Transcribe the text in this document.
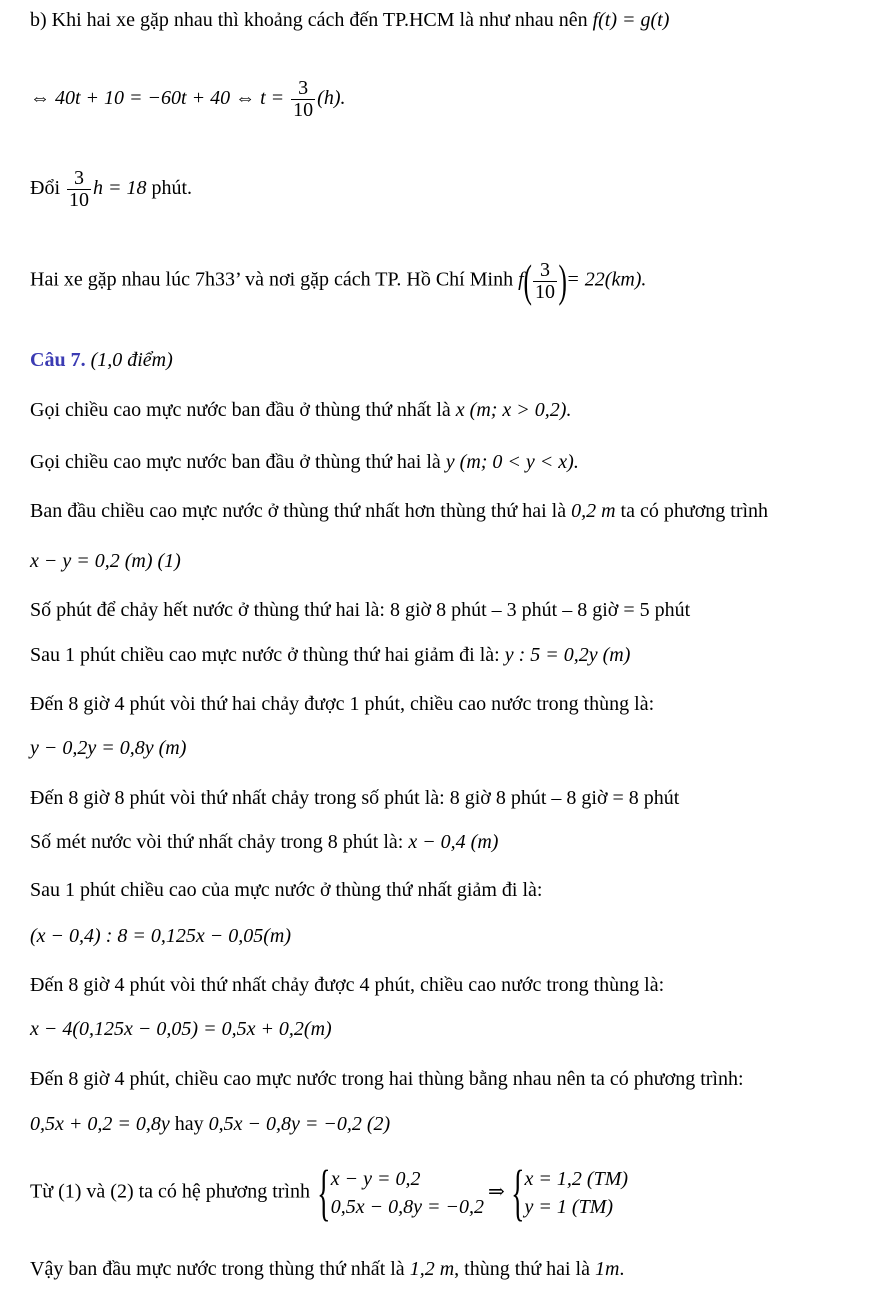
b) Khi hai xe gặp nhau thì khoảng cách đến TP.HCM là như nhau nên f(t) = g(t)
⇔ 40t + 10 = −60t + 40 ⇔ $t = \frac{3}{10} (h)$.
Đổi $\frac{3}{10}$ h = 18 phút.
Hai xe gặp nhau lúc 7h33’ và nơi gặp cách TP. Hồ Chí Minh $f( \frac{3}{10}$ )= 22(km).
Câu 7. (1,0 điểm)
Gọi chiều cao mực nước ban đầu ở thùng thứ nhất là x (m; x > 0,2).
Gọi chiều cao mực nước ban đầu ở thùng thứ hai là y (m; 0 < y < x).
Ban đầu chiều cao mực nước ở thùng thứ nhất hơn thùng thứ hai là 0,2 m ta có phương trình
x − y = 0,2 (m) (1)
Số phút để chảy hết nước ở thùng thứ hai là: 8 giờ 8 phút – 3 phút – 8 giờ = 5 phút
Sau 1 phút chiều cao mực nước ở thùng thứ hai giảm đi là: y : 5 = 0,2y (m)
Đến 8 giờ 4 phút vòi thứ hai chảy được 1 phút, chiều cao nước trong thùng là:
y − 0,2y = 0,8y (m)
Đến 8 giờ 8 phút vòi thứ nhất chảy trong số phút là: 8 giờ 8 phút – 8 giờ = 8 phút
Số mét nước vòi thứ nhất chảy trong 8 phút là: x − 0,4 (m)
Sau 1 phút chiều cao của mực nước ở thùng thứ nhất giảm đi là:
(x − 0,4) : 8 = 0,125x − 0,05(m)
Đến 8 giờ 4 phút vòi thứ nhất chảy được 4 phút, chiều cao nước trong thùng là:
x − 4(0,125x − 0,05) = 0,5x + 0,2(m)
Đến 8 giờ 4 phút, chiều cao mực nước trong hai thùng bằng nhau nên ta có phương trình:
0,5x + 0,2 = 0,8y hay 0,5x − 0,8y = −0,2 (2)
Từ (1) và (2) ta có hệ phương trình { x − y = 0,2
0,5x − 0,8y = −0,2
⇒ { x = 1,2 (TM)
y = 1 (TM)
Vậy ban đầu mực nước trong thùng thứ nhất là 1,2 m, thùng thứ hai là 1m.
